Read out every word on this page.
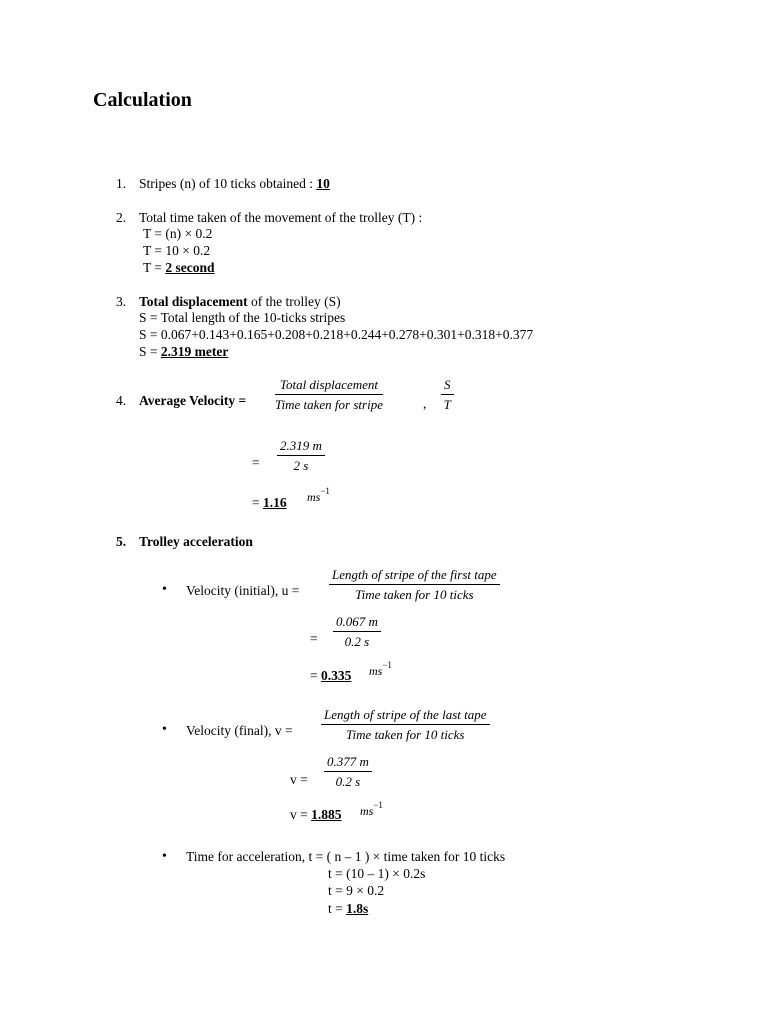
Calculation
1. Stripes (n) of 10 ticks obtained : 10
2. Total time taken of the movement of the trolley (T) :
T = (n) × 0.2
T = 10 × 0.2
T = 2 second
3. Total displacement of the trolley (S)
S = Total length of the 10-ticks stripes
S = 0.067+0.143+0.165+0.208+0.218+0.244+0.278+0.301+0.318+0.377
S = 2.319 meter
4. Average Velocity =
Total displacement
Time taken for stripe	, $\frac{S}{T}$
= $\frac{2.319 m}{2 s}$
= 1.16 $ms^{-1}$
5. Trolley acceleration
• Velocity (initial), u =
Length of stripe of the first tape
Time taken for 10 ticks
= $\frac{0.067 m}{0.2 s}$
= 0.335 $ms^{-1}$
• Velocity (final), v =
Length of stripe of the last tape
Time taken for 10 ticks
$v = \frac{0.377 m}{0.2 s}$
v = 1.885 $ms^{-1}$
• Time for acceleration, t = ( n – 1 ) × time taken for 10 ticks
t = (10 – 1) × 0.2s
t = 9 × 0.2
t = 1.8s
